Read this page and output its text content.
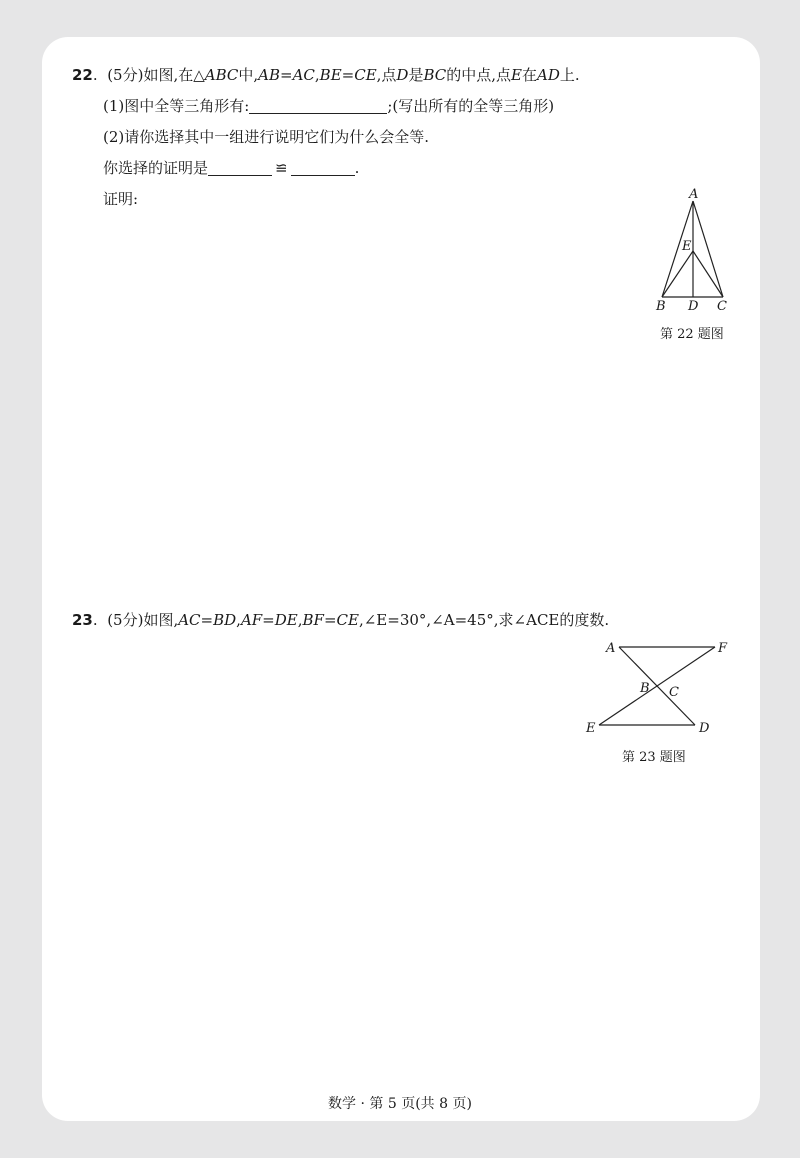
22.  (5分)如图,在△ABC中,AB=AC,BE=CE,点D是BC的中点,点E在AD上.
(1)图中全等三角形有:	;(写出所有的全等三角形)
(2)请你选择其中一组进行说明它们为什么会全等.
你选择的证明是	≌	.
证明:	A
E
B D C
第 22 题图
23.  (5分)如图,AC=BD,AF=DE,BF=CE,∠E=30°,∠A=45°,求∠ACE的度数.
A	F
B C
E	D
第 23 题图
数学 · 第 5 页(共 8 页)
